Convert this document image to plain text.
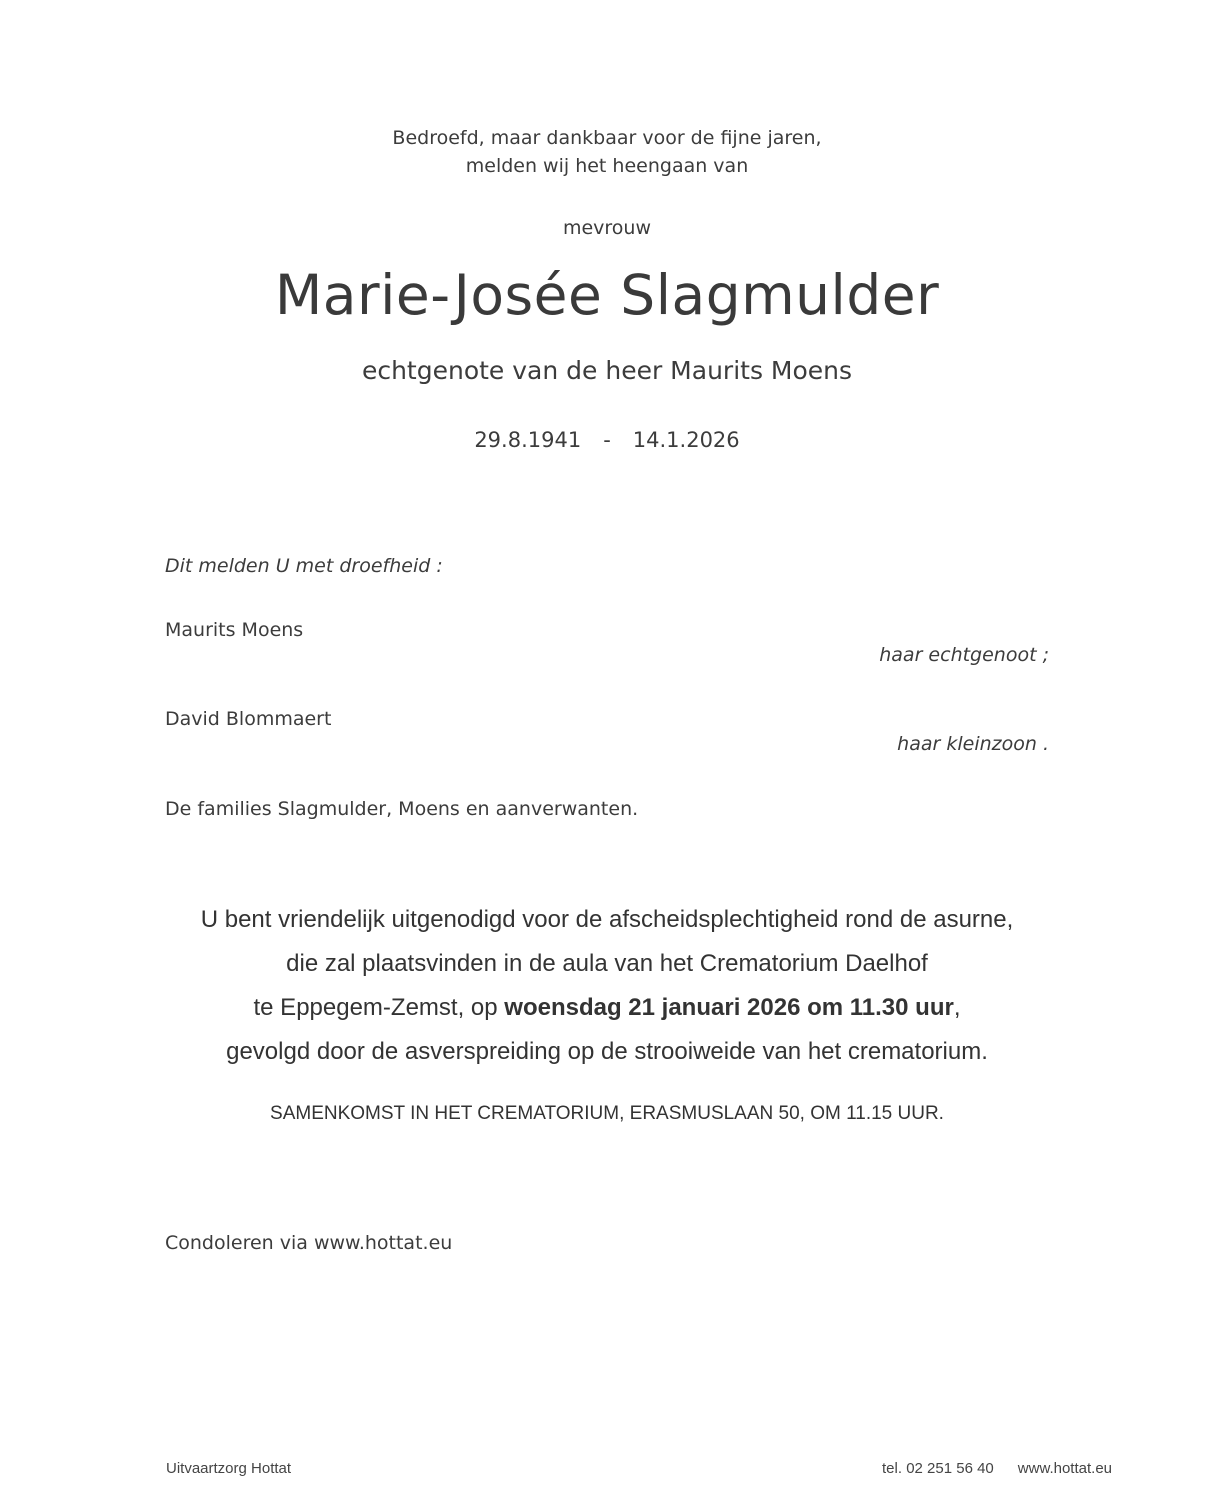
Bedroefd, maar dankbaar voor de fijne jaren,
melden wij het heengaan van
mevrouw
Marie-Josée Slagmulder
echtgenote van de heer Maurits Moens
29.8.1941 - 14.1.2026
Dit melden U met droefheid :
Maurits Moens
haar echtgenoot ;
David Blommaert
haar kleinzoon .
De families Slagmulder, Moens en aanverwanten.
U bent vriendelijk uitgenodigd voor de afscheidsplechtigheid rond de asurne,
die zal plaatsvinden in de aula van het Crematorium Daelhof
te Eppegem-Zemst, op woensdag 21 januari 2026 om 11.30 uur,
gevolgd door de asverspreiding op de strooiweide van het crematorium.
SAMENKOMST IN HET CREMATORIUM, ERASMUSLAAN 50, OM 11.15 UUR.
Condoleren via www.hottat.eu
Uitvaartzorg Hottat	tel. 02 251 56 40 www.hottat.eu
